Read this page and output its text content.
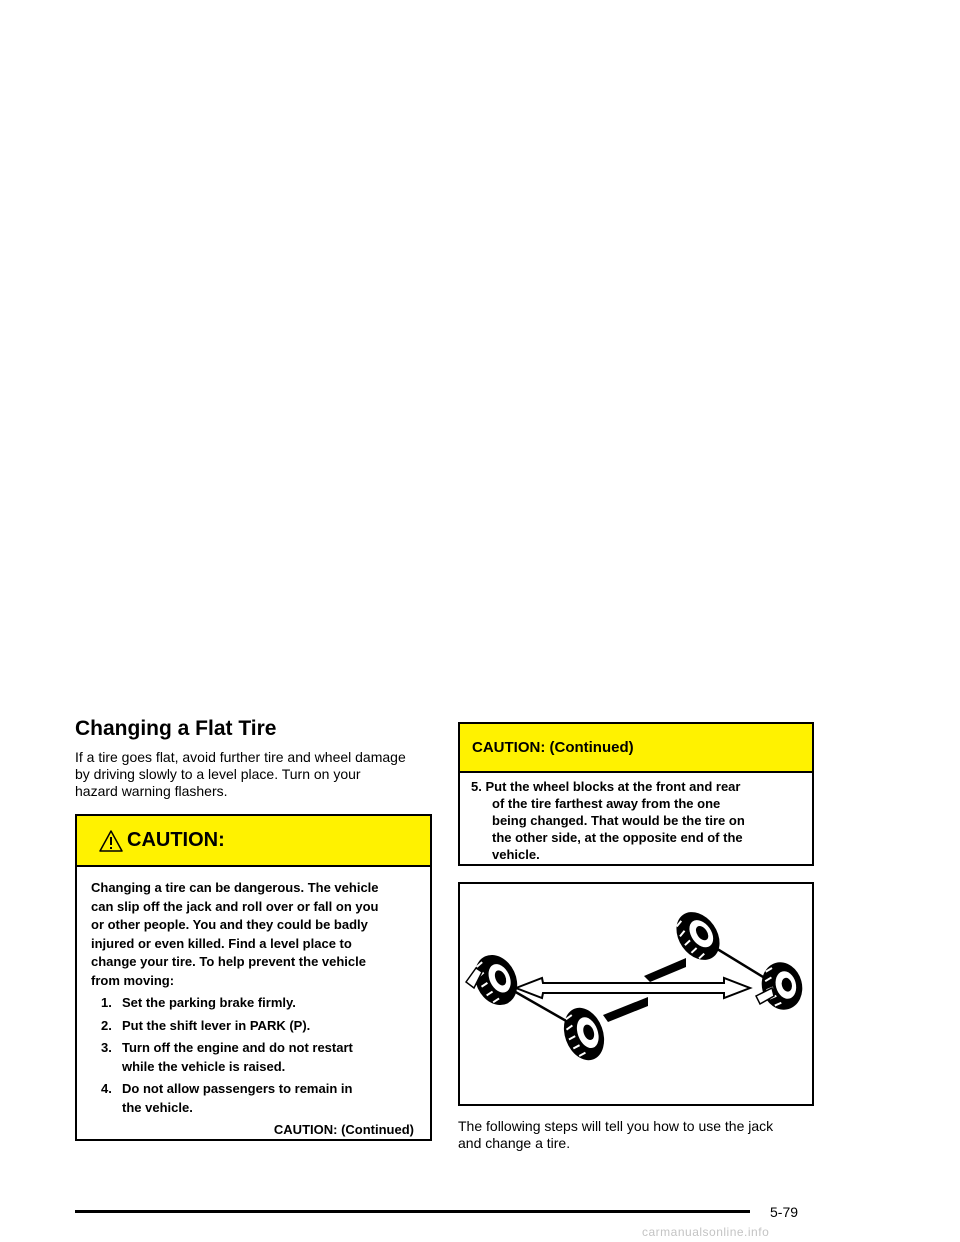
Changing a Flat Tire

If a tire goes flat, avoid further tire and wheel damage
by driving slowly to a level place. Turn on your
hazard warning flashers.

CAUTION:
Changing a tire can be dangerous. The vehicle
can slip off the jack and roll over or fall on you
or other people. You and they could be badly
injured or even killed. Find a level place to
change your tire. To help prevent the vehicle
from moving:
1. Set the parking brake firmly.
2. Put the shift lever in PARK (P).
3. Turn off the engine and do not restart
while the vehicle is raised.
4. Do not allow passengers to remain in
the vehicle.
CAUTION: (Continued)
CAUTION: (Continued)
5. Put the wheel blocks at the front and rear
of the tire farthest away from the one
being changed. That would be the tire on
the other side, at the opposite end of the
vehicle.

The following steps will tell you how to use the jack
and change a tire.

5-79
carmanualsonline.info
